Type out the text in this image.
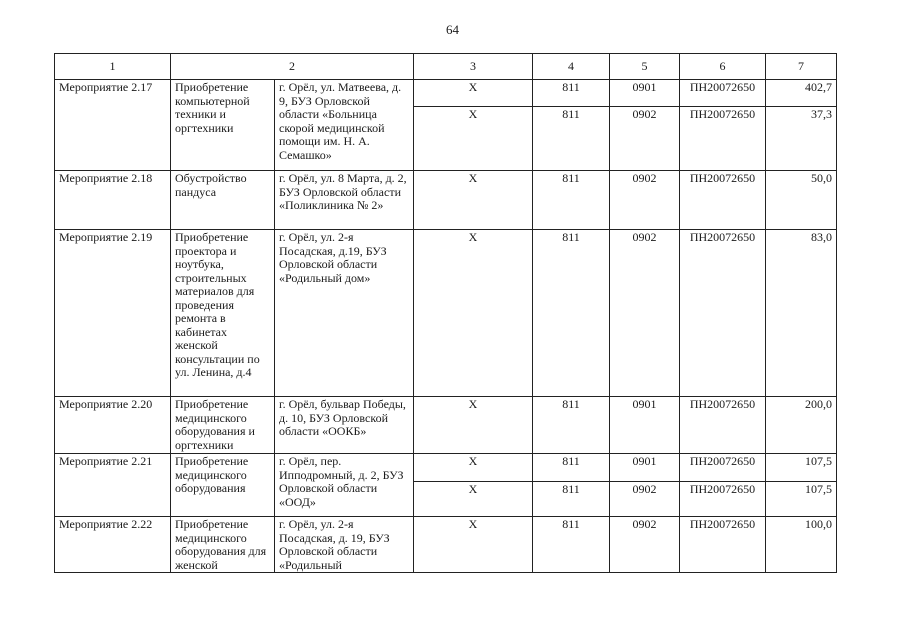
64
1	2		3	4	5	6	7
Мероприятие 2.17	Приобретение компьютерной техники и оргтехники	г. Орёл, ул. Матвеева, д. 9, БУЗ Орловской области «Больница скорой медицинской помощи им. Н. А. Семашко»	Х	811	0901	ПН20072650	402,7
			Х	811	0902	ПН20072650	37,3
Мероприятие 2.18	Обустройство пандуса	г. Орёл, ул. 8 Марта, д. 2, БУЗ Орловской области «Поликлиника № 2»	Х	811	0902	ПН20072650	50,0
Мероприятие 2.19	Приобретение проектора и ноутбука, строительных материалов для проведения ремонта в кабинетах женской консультации по ул. Ленина, д.4	г. Орёл, ул. 2-я Посадская, д.19, БУЗ Орловской области «Родильный дом»	Х	811	0902	ПН20072650	83,0
Мероприятие 2.20	Приобретение медицинского оборудования и оргтехники	г. Орёл, бульвар Победы, д. 10, БУЗ Орловской области «ООКБ»	Х	811	0901	ПН20072650	200,0
Мероприятие 2.21	Приобретение медицинского оборудования	г. Орёл, пер. Ипподромный, д. 2, БУЗ Орловской области «ООД»	Х	811	0901	ПН20072650	107,5
			Х	811	0902	ПН20072650	107,5
Мероприятие 2.22	Приобретение медицинского оборудования для женской	г. Орёл, ул. 2-я Посадская, д. 19, БУЗ Орловской области «Родильный	Х	811	0902	ПН20072650	100,0
